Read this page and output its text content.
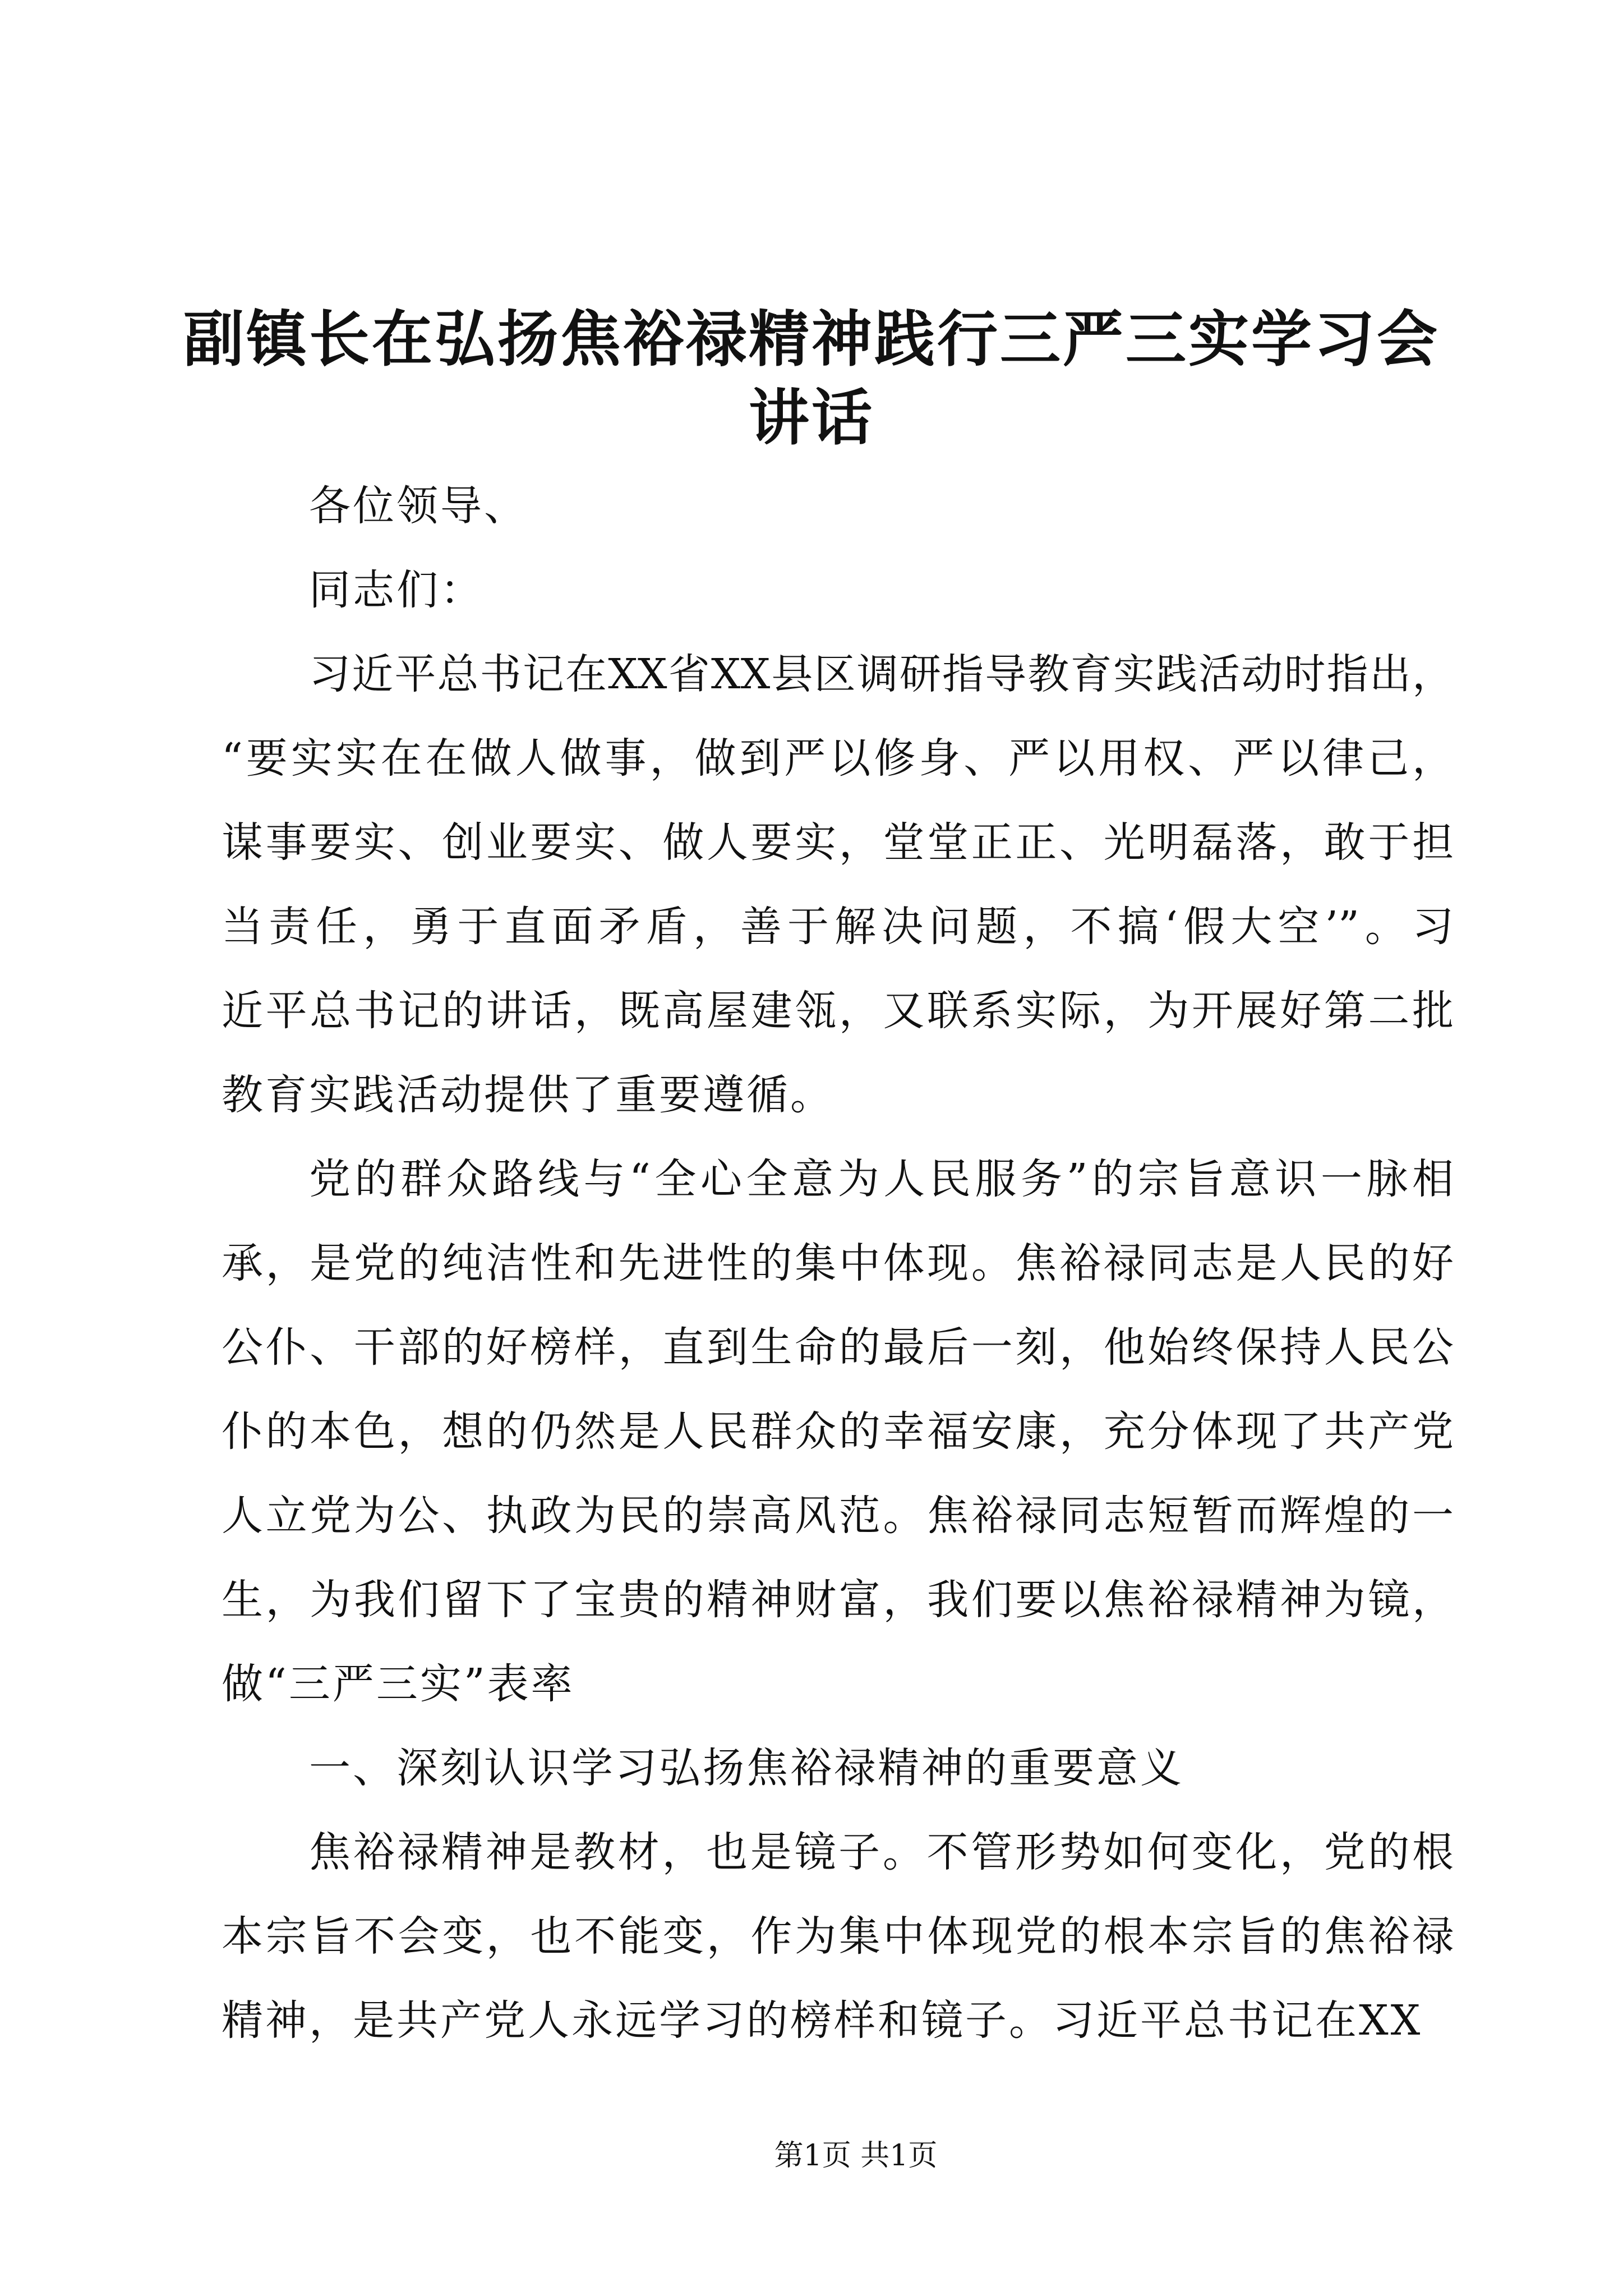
副镇长在弘扬焦裕禄精神践行三严三实学习会
讲话
各位领导、
同志们：
习近平总书记在XX省XX县区调研指导教育实践活动时指出，
“要实实在在做人做事，做到严以修身、严以用权、严以律己，
谋事要实、创业要实、做人要实，堂堂正正、光明磊落，敢于担
当责任，勇于直面矛盾，善于解决问题，不搞‘假大空’”。习
近平总书记的讲话，既高屋建瓴，又联系实际，为开展好第二批
教育实践活动提供了重要遵循。
党的群众路线与“全心全意为人民服务”的宗旨意识一脉相
承，是党的纯洁性和先进性的集中体现。焦裕禄同志是人民的好
公仆、干部的好榜样，直到生命的最后一刻，他始终保持人民公
仆的本色，想的仍然是人民群众的幸福安康，充分体现了共产党
人立党为公、执政为民的崇高风范。焦裕禄同志短暂而辉煌的一
生，为我们留下了宝贵的精神财富，我们要以焦裕禄精神为镜，
做“三严三实”表率
一、深刻认识学习弘扬焦裕禄精神的重要意义
焦裕禄精神是教材，也是镜子。不管形势如何变化，党的根
本宗旨不会变，也不能变，作为集中体现党的根本宗旨的焦裕禄
精神，是共产党人永远学习的榜样和镜子。习近平总书记在XX
第1页 共1页
